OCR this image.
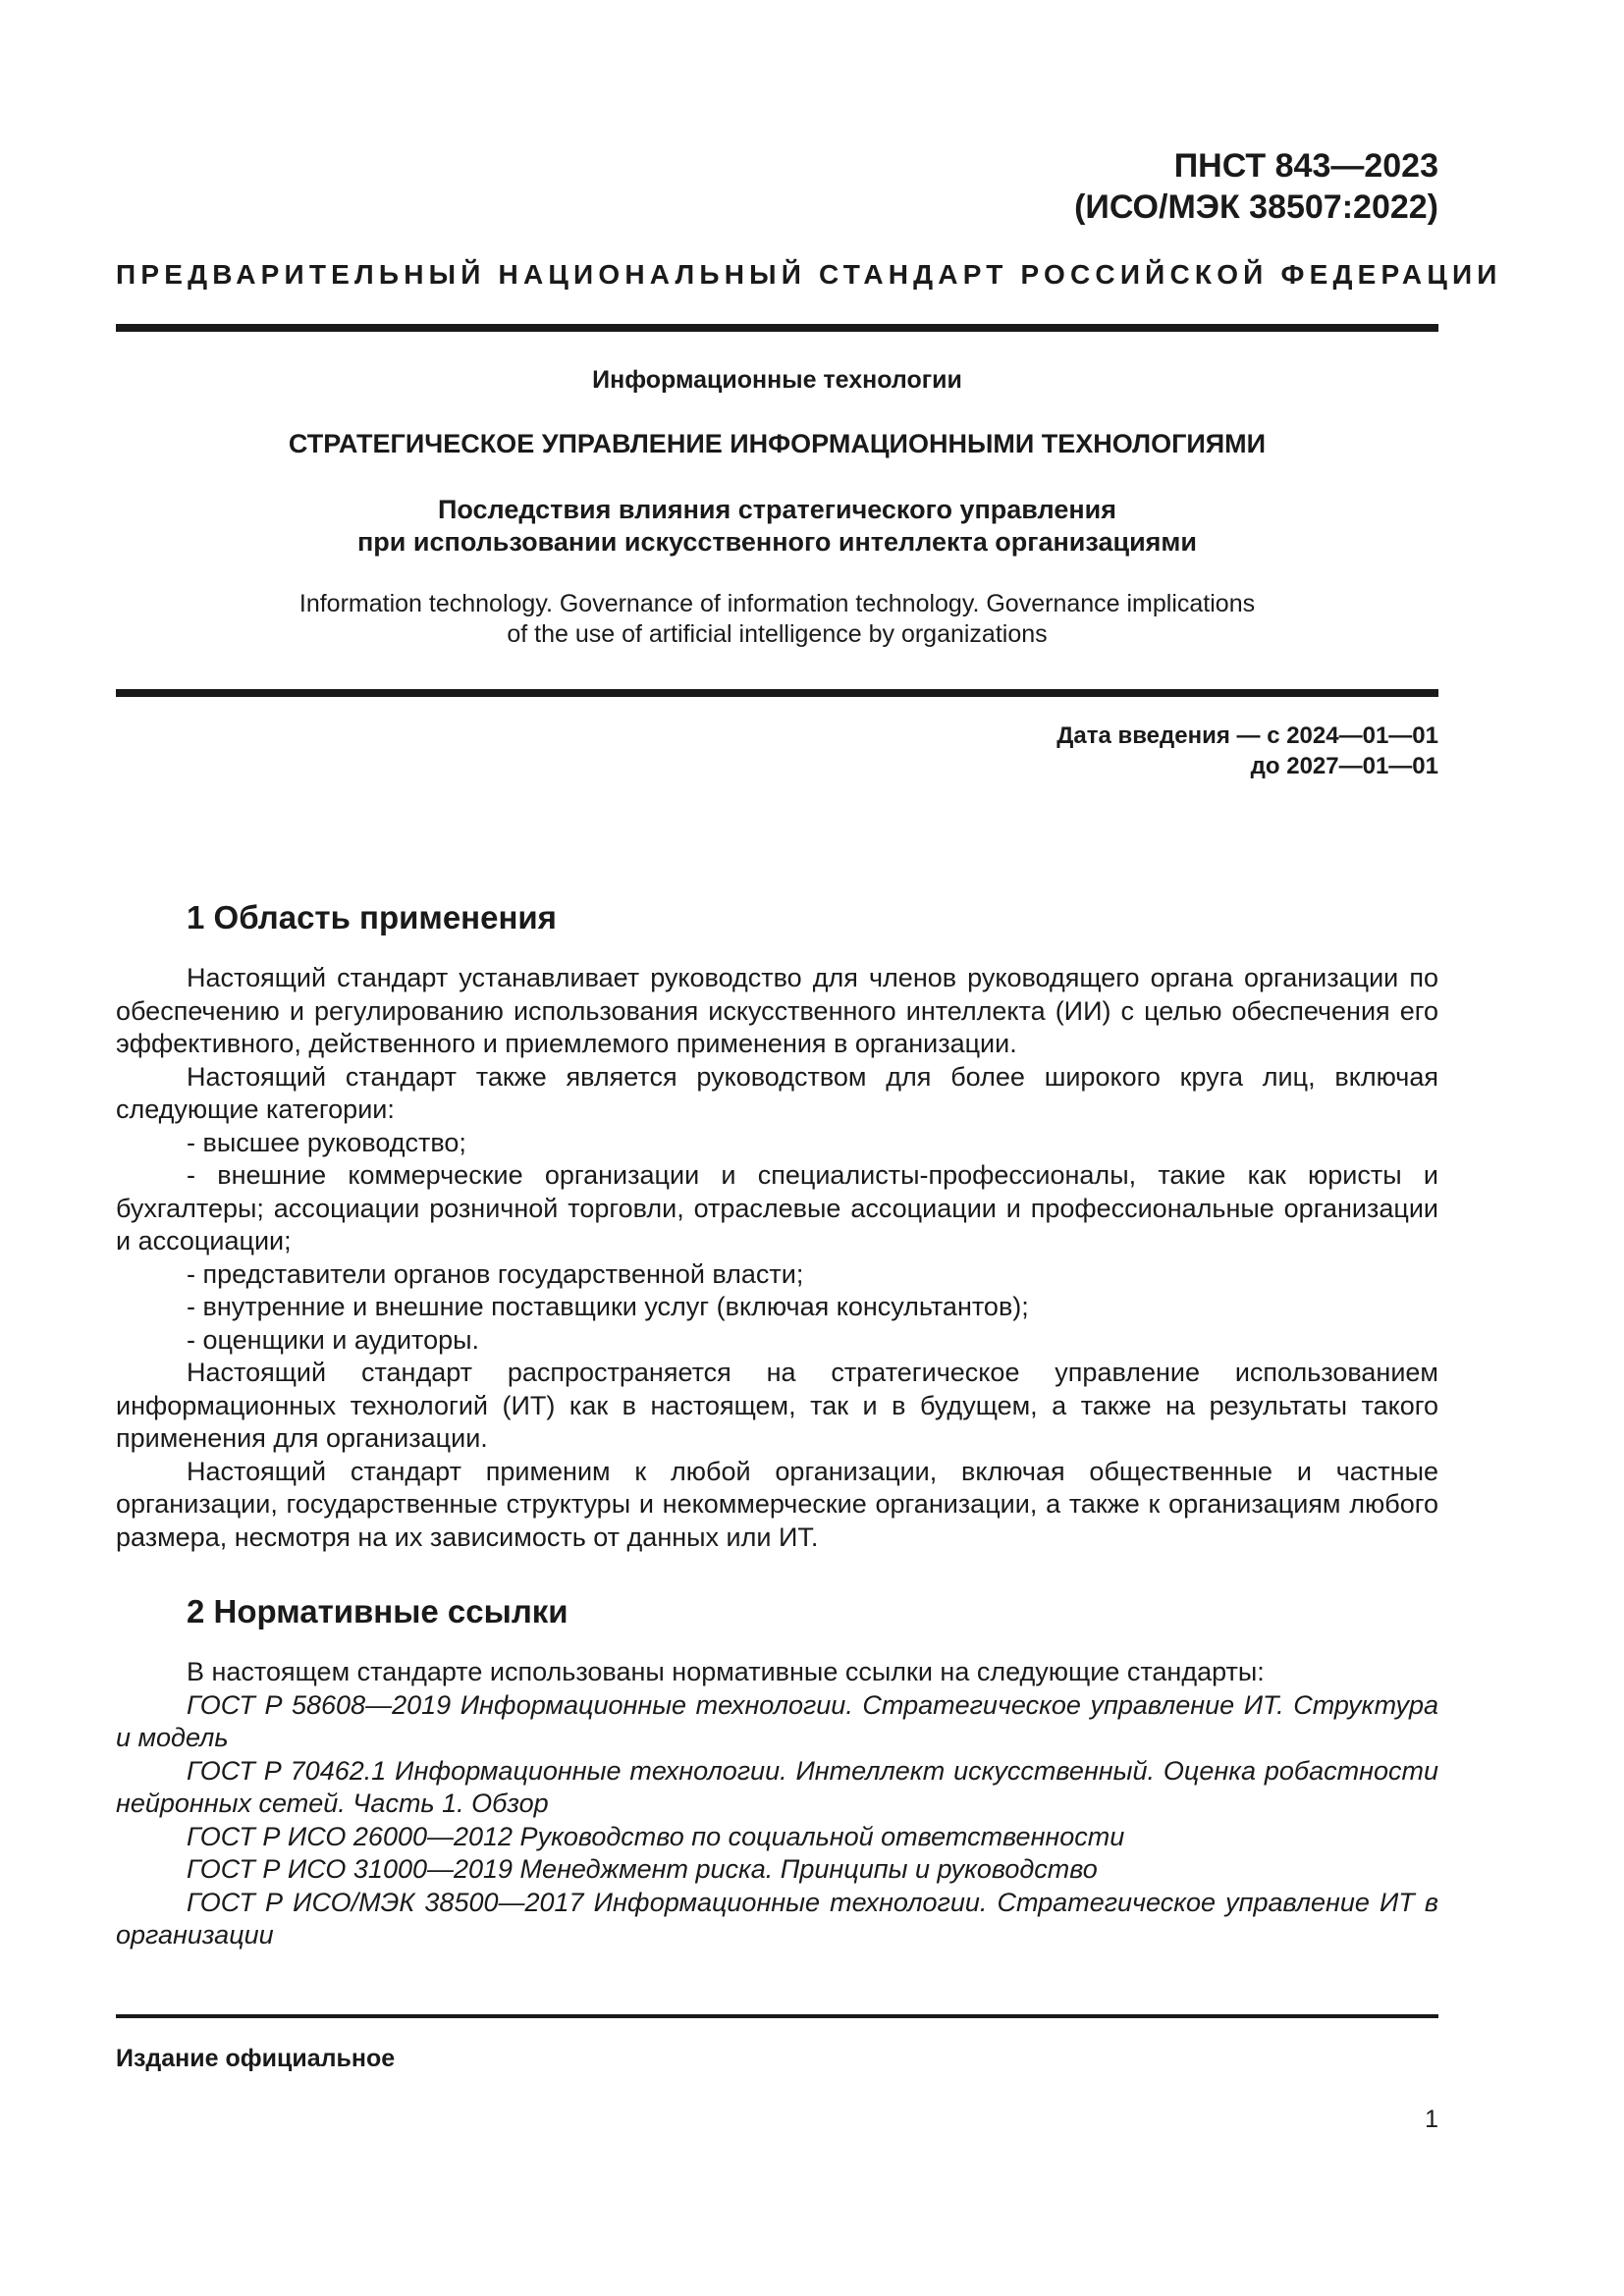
ПНСТ 843—2023
(ИСО/МЭК 38507:2022)
ПРЕДВАРИТЕЛЬНЫЙ НАЦИОНАЛЬНЫЙ СТАНДАРТ РОССИЙСКОЙ ФЕДЕРАЦИИ
Информационные технологии
СТРАТЕГИЧЕСКОЕ УПРАВЛЕНИЕ ИНФОРМАЦИОННЫМИ ТЕХНОЛОГИЯМИ
Последствия влияния стратегического управления
при использовании искусственного интеллекта организациями
Information technology. Governance of information technology. Governance implications
of the use of artificial intelligence by organizations
Дата введения — с 2024—01—01
до 2027—01—01
1 Область применения

Настоящий стандарт устанавливает руководство для членов руководящего органа организации по обеспечению и регулированию использования искусственного интеллекта (ИИ) с целью обеспечения его эффективного, действенного и приемлемого применения в организации.

Настоящий стандарт также является руководством для более широкого круга лиц, включая следующие категории:

- высшее руководство;

- внешние коммерческие организации и специалисты-профессионалы, такие как юристы и бухгалтеры; ассоциации розничной торговли, отраслевые ассоциации и профессиональные организации и ассоциации;

- представители органов государственной власти;

- внутренние и внешние поставщики услуг (включая консультантов);

- оценщики и аудиторы.

Настоящий стандарт распространяется на стратегическое управление использованием информационных технологий (ИТ) как в настоящем, так и в будущем, а также на результаты такого применения для организации.

Настоящий стандарт применим к любой организации, включая общественные и частные организации, государственные структуры и некоммерческие организации, а также к организациям любого размера, несмотря на их зависимость от данных или ИТ.

2 Нормативные ссылки

В настоящем стандарте использованы нормативные ссылки на следующие стандарты:

ГОСТ Р 58608—2019 Информационные технологии. Стратегическое управление ИТ. Структура и модель

ГОСТ Р 70462.1 Информационные технологии. Интеллект искусственный. Оценка робастности нейронных сетей. Часть 1. Обзор

ГОСТ Р ИСО 26000—2012 Руководство по социальной ответственности

ГОСТ Р ИСО 31000—2019 Менеджмент риска. Принципы и руководство

ГОСТ Р ИСО/МЭК 38500—2017 Информационные технологии. Стратегическое управление ИТ в организации

Издание официальное
1
